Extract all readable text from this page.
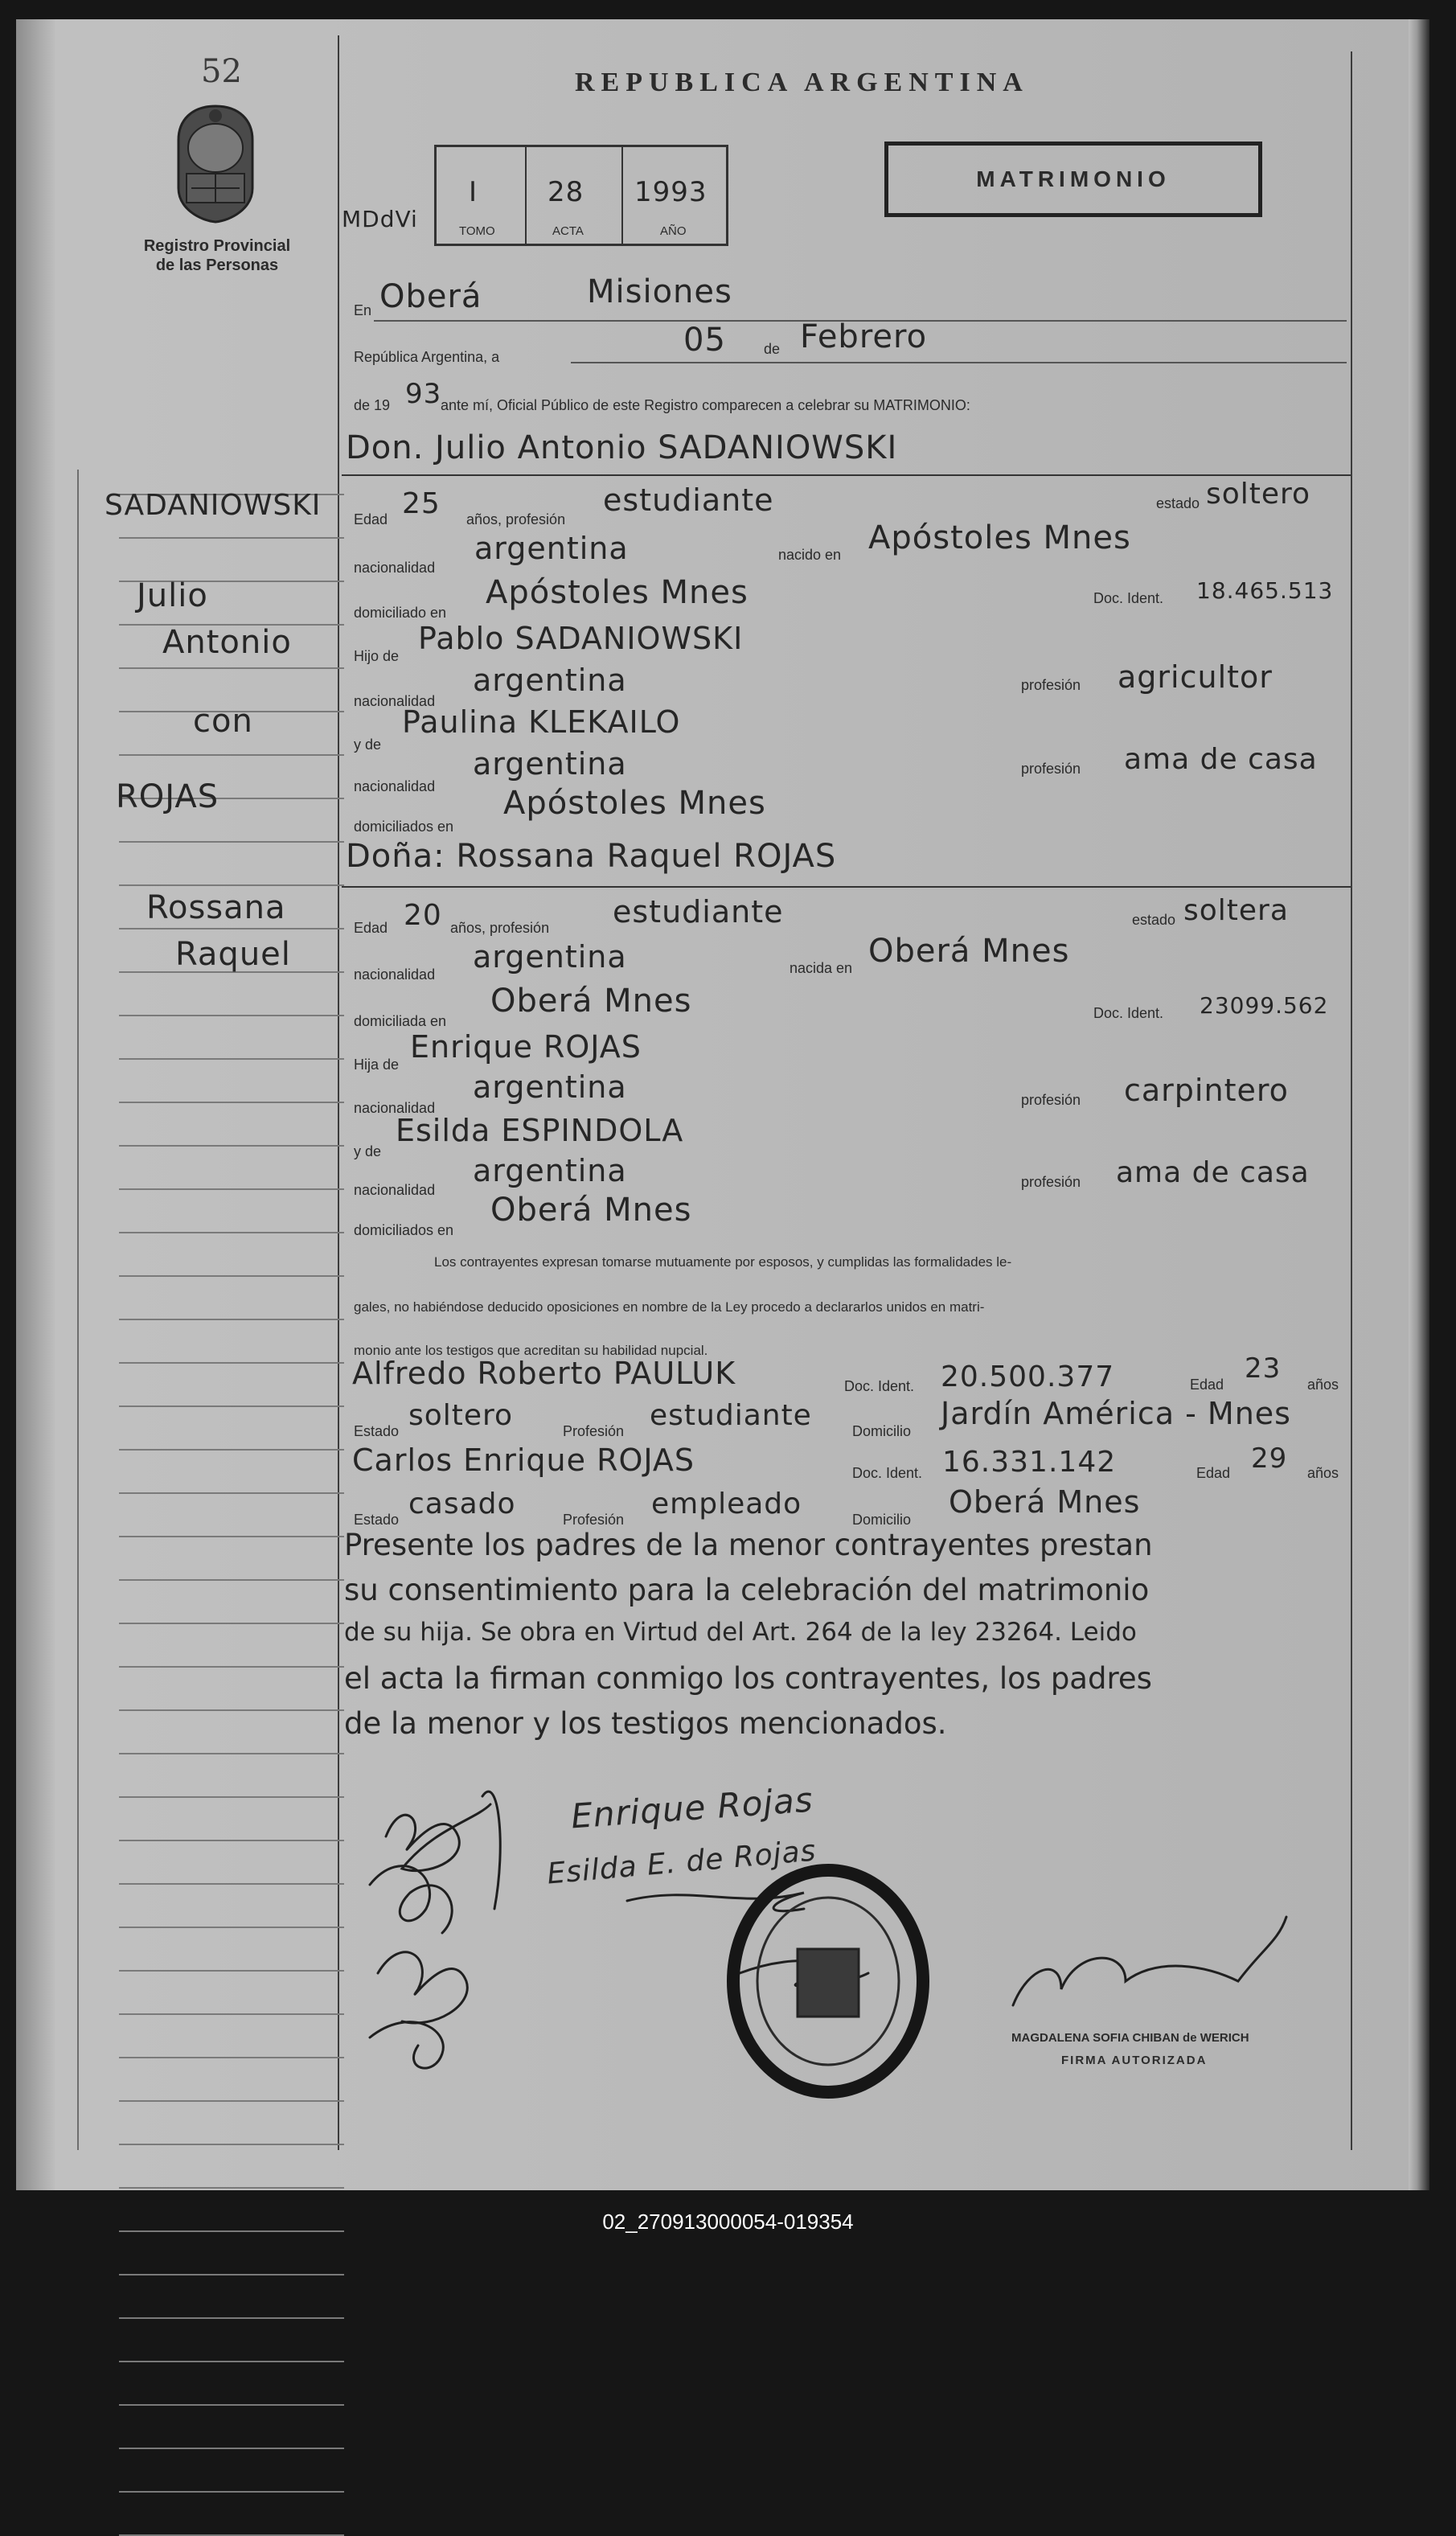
52
Registro Provincial
de las Personas
REPUBLICA ARGENTINA
MDdVi
I
TOMO
28
ACTA
1993
AÑO
MATRIMONIO
En Oberá	Misiones
República Argentina, a	05	de Febrero
de 19 93
ante mí, Oficial Público de este Registro comparecen a celebrar su MATRIMONIO:
Don. Julio Antonio SADANIOWSKI
Edad 25 años, profesión
estudiante	estado soltero
nacionalidad
argentina	nacido en Apóstoles Mnes
domiciliado en
Apóstoles Mnes	Doc. Ident. 18.465.513
Hijo de Pablo SADANIOWSKI
nacionalidad
argentina	profesión agricultor
y de
Paulina KLEKAILO
nacionalidad
argentina	profesión ama de casa
domiciliados en
Apóstoles Mnes
Doña: Rossana Raquel ROJAS
Edad 20 años, profesión estudiante	estado soltera
nacionalidad argentina	nacida en Oberá Mnes
domiciliada en
Oberá Mnes	Doc. Ident. 23099.562
Hija de Enrique ROJAS
nacionalidad
argentina	profesión carpintero
y de
Esilda ESPINDOLA
nacionalidad
argentina	profesión ama de casa
domiciliados en
Oberá Mnes
Los contrayentes expresan tomarse mutuamente por esposos, y cumplidas las formalidades le-
gales, no habiéndose deducido oposiciones en nombre de la Ley procedo a declararlos unidos en matri-
monio ante los testigos que acreditan su habilidad nupcial.
Alfredo Roberto PAULUK	Doc. Ident. 20.500.377	Edad 23 años
Estado soltero	Profesión estudiante	Domicilio Jardín América - Mnes
Carlos Enrique ROJAS	Doc. Ident. 16.331.142	Edad 29 años
Estado casado	Profesión empleado	Domicilio Oberá Mnes
Presente los padres de la menor contrayentes prestan
su consentimiento para la celebración del matrimonio
de su hija. Se obra en Virtud del Art. 264 de la ley 23264. Leido
el acta la firman conmigo los contrayentes, los padres
de la menor y los testigos mencionados.
Enrique Rojas
Esilda E. de Rojas
MAGDALENA SOFIA CHIBAN de WERICH
FIRMA AUTORIZADA
SADANIOWSKI
Julio
Antonio
con
ROJAS
Rossana
Raquel
02_270913000054-019354
